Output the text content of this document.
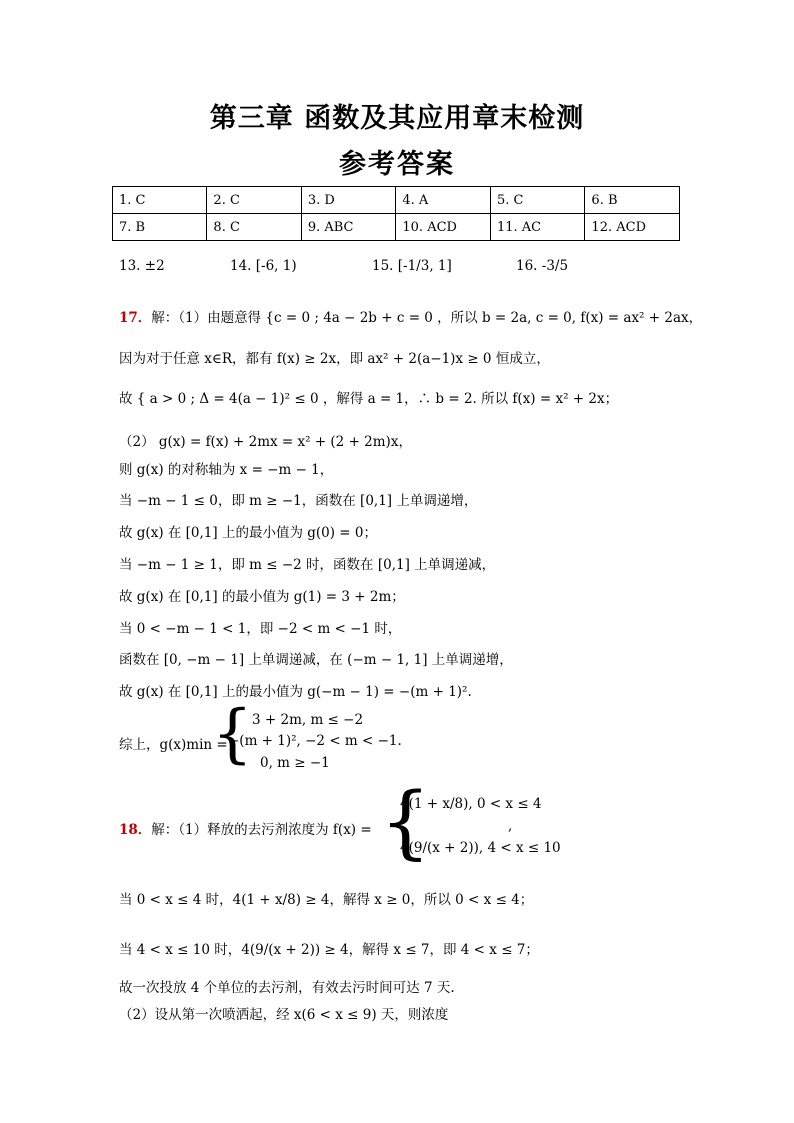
第三章 函数及其应用章末检测
参考答案
1. C	2. C	3. D	4. A	5. C	6. B
7. B	8. C	9. ABC	10. ACD	11. AC	12. ACD
13. ±2	14. [-6, 1)	15. [-1/3, 1]	16. -3/5
17．解：（1）由题意得 {c = 0 ; 4a − 2b + c = 0 ，所以 b = 2a, c = 0, f(x) = ax² + 2ax，
因为对于任意 x∈R，都有 f(x) ≥ 2x，即 ax² + 2(a−1)x ≥ 0 恒成立，
故 { a > 0 ; Δ = 4(a − 1)² ≤ 0 ，解得 a = 1，∴ b = 2. 所以 f(x) = x² + 2x；
（2） g(x) = f(x) + 2mx = x² + (2 + 2m)x，
则 g(x) 的对称轴为 x = −m − 1，
当 −m − 1 ≤ 0，即 m ≥ −1，函数在 [0,1] 上单调递增，
故 g(x) 在 [0,1] 上的最小值为 g(0) = 0；
当 −m − 1 ≥ 1，即 m ≤ −2 时，函数在 [0,1] 上单调递减，
故 g(x) 在 [0,1] 的最小值为 g(1) = 3 + 2m；
当 0 < −m − 1 < 1，即 −2 < m < −1 时，
函数在 [0, −m − 1] 上单调递减，在 (−m − 1, 1] 上单调递增，
故 g(x) 在 [0,1] 上的最小值为 g(−m − 1) = −(m + 1)².
综上，g(x)min =
{ 3 + 2m, m ≤ −2
−(m + 1)², −2 < m < −1.
0, m ≥ −1
18．解：（1）释放的去污剂浓度为 f(x) = {
4(1 + x/8), 0 < x ≤ 4
4(9/(x + 2)), 4 < x ≤ 10
,
当 0 < x ≤ 4 时，4(1 + x/8) ≥ 4，解得 x ≥ 0，所以 0 < x ≤ 4；
当 4 < x ≤ 10 时，4(9/(x + 2)) ≥ 4，解得 x ≤ 7，即 4 < x ≤ 7；
故一次投放 4 个单位的去污剂，有效去污时间可达 7 天.
（2）设从第一次喷洒起，经 x(6 < x ≤ 9) 天，则浓度
